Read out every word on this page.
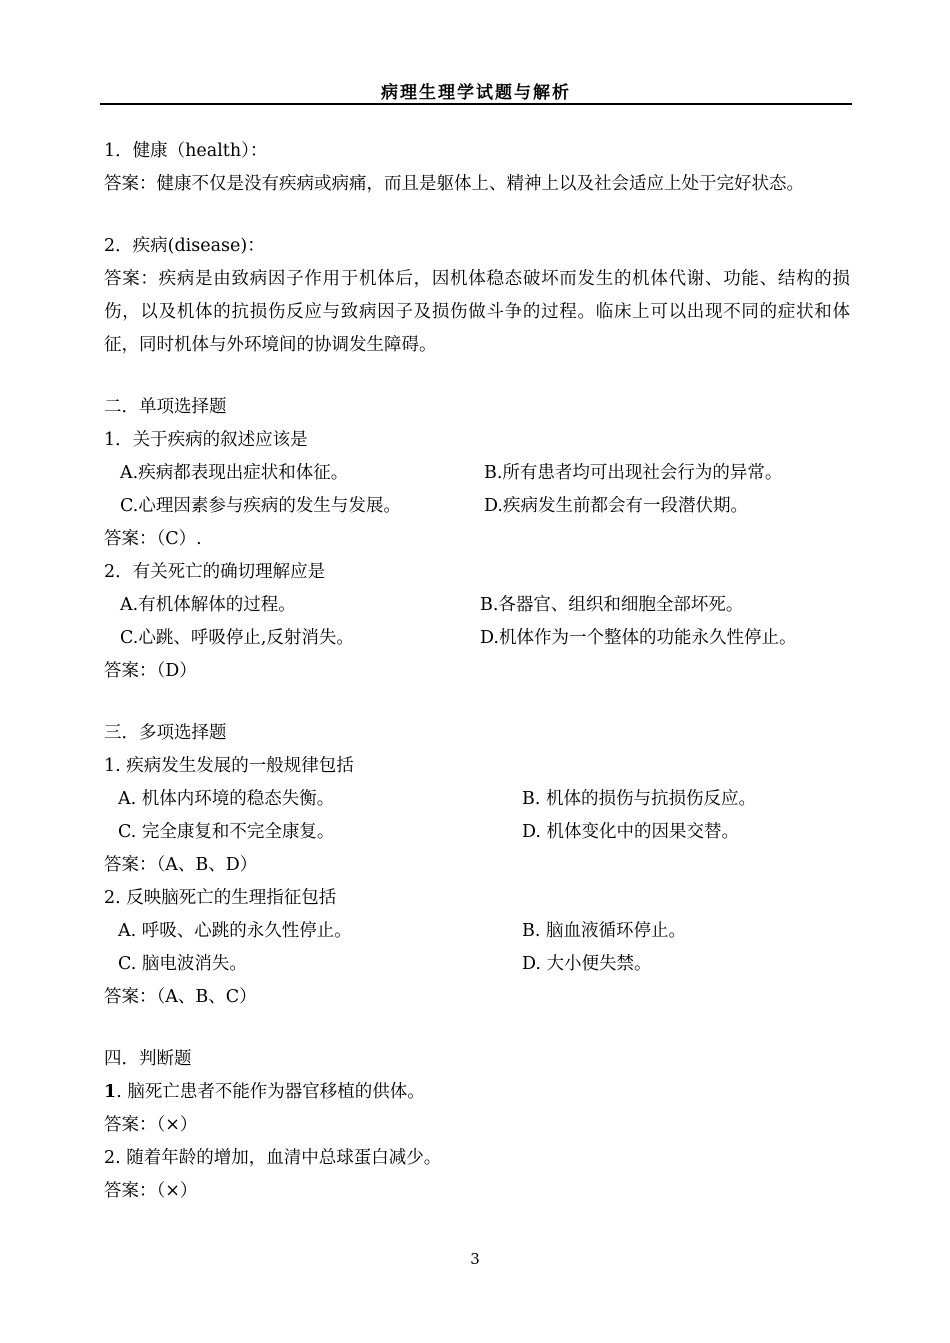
病理生理学试题与解析
1．健康（health）：
答案：健康不仅是没有疾病或病痛，而且是躯体上、精神上以及社会适应上处于完好状态。
2．疾病(disease)：
答案：疾病是由致病因子作用于机体后，因机体稳态破坏而发生的机体代谢、功能、结构的损伤，以及机体的抗损伤反应与致病因子及损伤做斗争的过程。临床上可以出现不同的症状和体征，同时机体与外环境间的协调发生障碍。
二．单项选择题
1．关于疾病的叙述应该是
A.疾病都表现出症状和体征。	B.所有患者均可出现社会行为的异常。
C.心理因素参与疾病的发生与发展。	D.疾病发生前都会有一段潜伏期。
答案：（C）.
2．有关死亡的确切理解应是
A.有机体解体的过程。	B.各器官、组织和细胞全部坏死。
C.心跳、呼吸停止,反射消失。	D.机体作为一个整体的功能永久性停止。
答案：（D）
三．多项选择题
1. 疾病发生发展的一般规律包括
A. 机体内环境的稳态失衡。	B. 机体的损伤与抗损伤反应。
C. 完全康复和不完全康复。	D. 机体变化中的因果交替。
答案：（A、B、D）
2. 反映脑死亡的生理指征包括
A. 呼吸、心跳的永久性停止。	B. 脑血液循环停止。
C. 脑电波消失。	D. 大小便失禁。
答案：（A、B、C）
四．判断题
1. 脑死亡患者不能作为器官移植的供体。
答案：（×）
2. 随着年龄的增加，血清中总球蛋白减少。
答案：（×）
3
